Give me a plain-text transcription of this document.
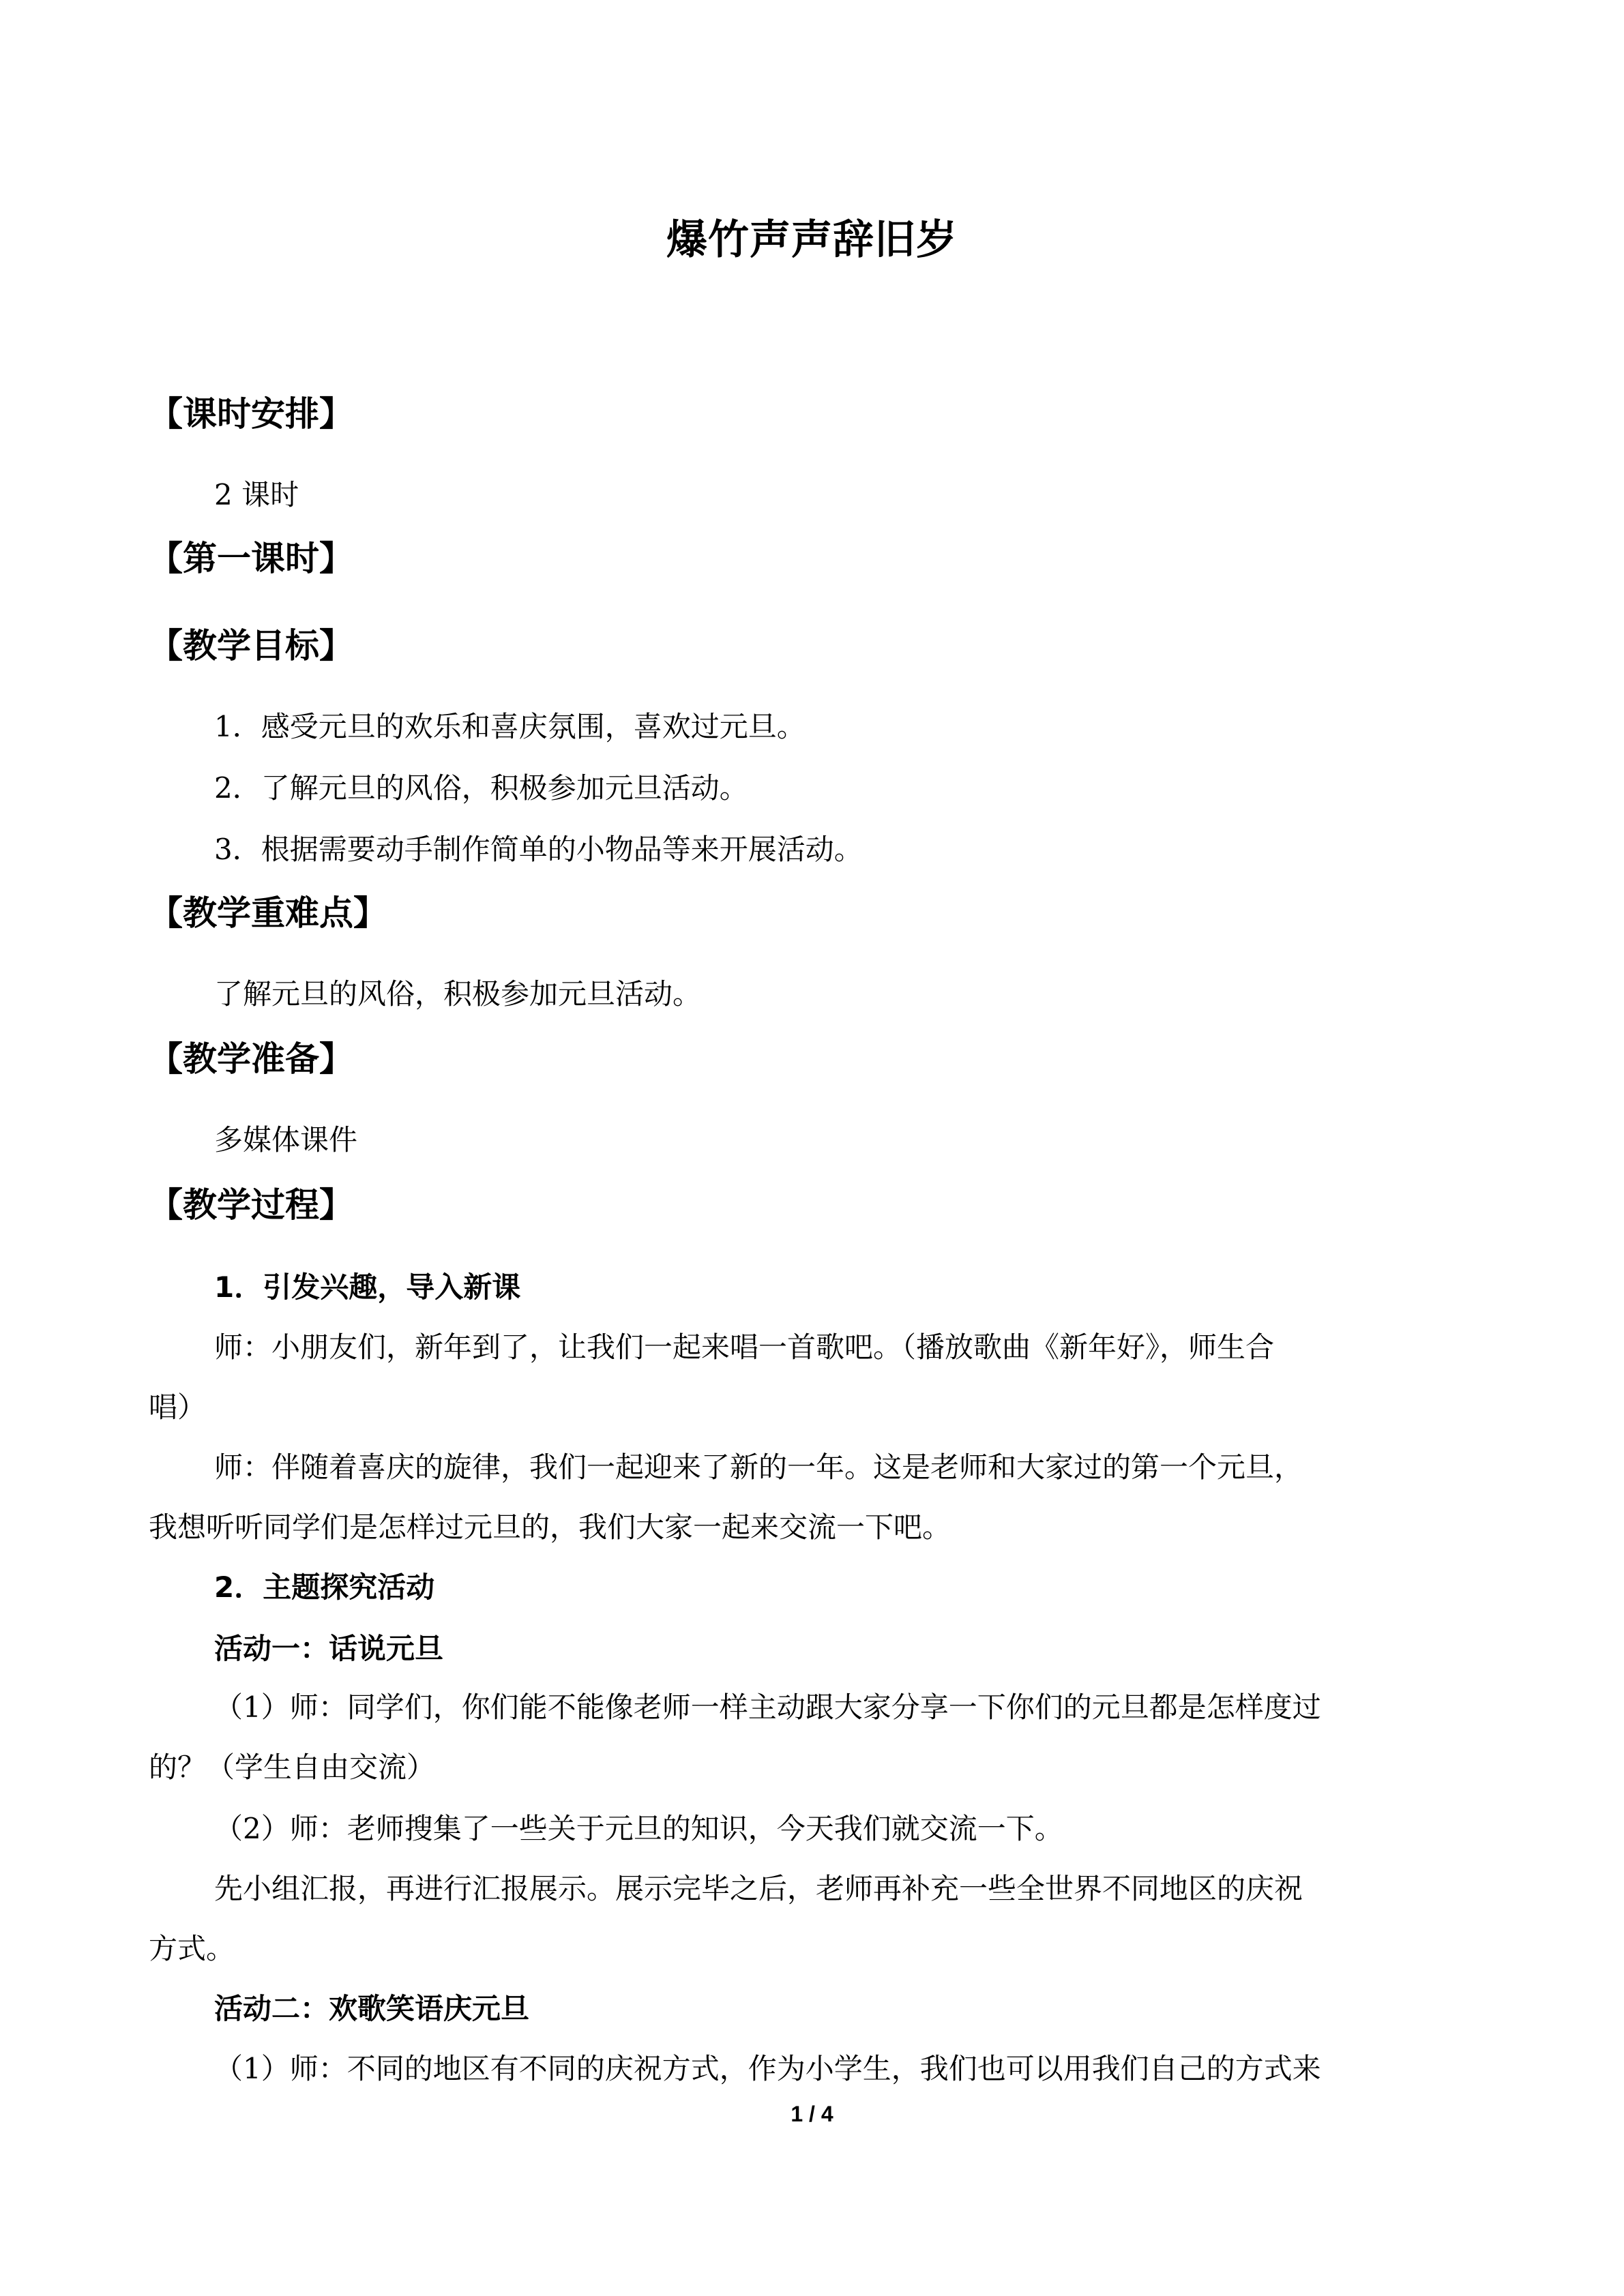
爆竹声声辞旧岁
【课时安排】
2 课时
【第一课时】
【教学目标】
1．感受元旦的欢乐和喜庆氛围，喜欢过元旦。
2．了解元旦的风俗，积极参加元旦活动。
3．根据需要动手制作简单的小物品等来开展活动。
【教学重难点】
了解元旦的风俗，积极参加元旦活动。
【教学准备】
多媒体课件
【教学过程】
1．引发兴趣，导入新课
师：小朋友们，新年到了，让我们一起来唱一首歌吧。（播放歌曲《新年好》，师生合
唱）
师：伴随着喜庆的旋律，我们一起迎来了新的一年。这是老师和大家过的第一个元旦，
我想听听同学们是怎样过元旦的，我们大家一起来交流一下吧。
2．主题探究活动
活动一：话说元旦
（1）师：同学们，你们能不能像老师一样主动跟大家分享一下你们的元旦都是怎样度过
的？（学生自由交流）
（2）师：老师搜集了一些关于元旦的知识，今天我们就交流一下。
先小组汇报，再进行汇报展示。展示完毕之后，老师再补充一些全世界不同地区的庆祝
方式。
活动二：欢歌笑语庆元旦
（1）师：不同的地区有不同的庆祝方式，作为小学生，我们也可以用我们自己的方式来
1 / 4
